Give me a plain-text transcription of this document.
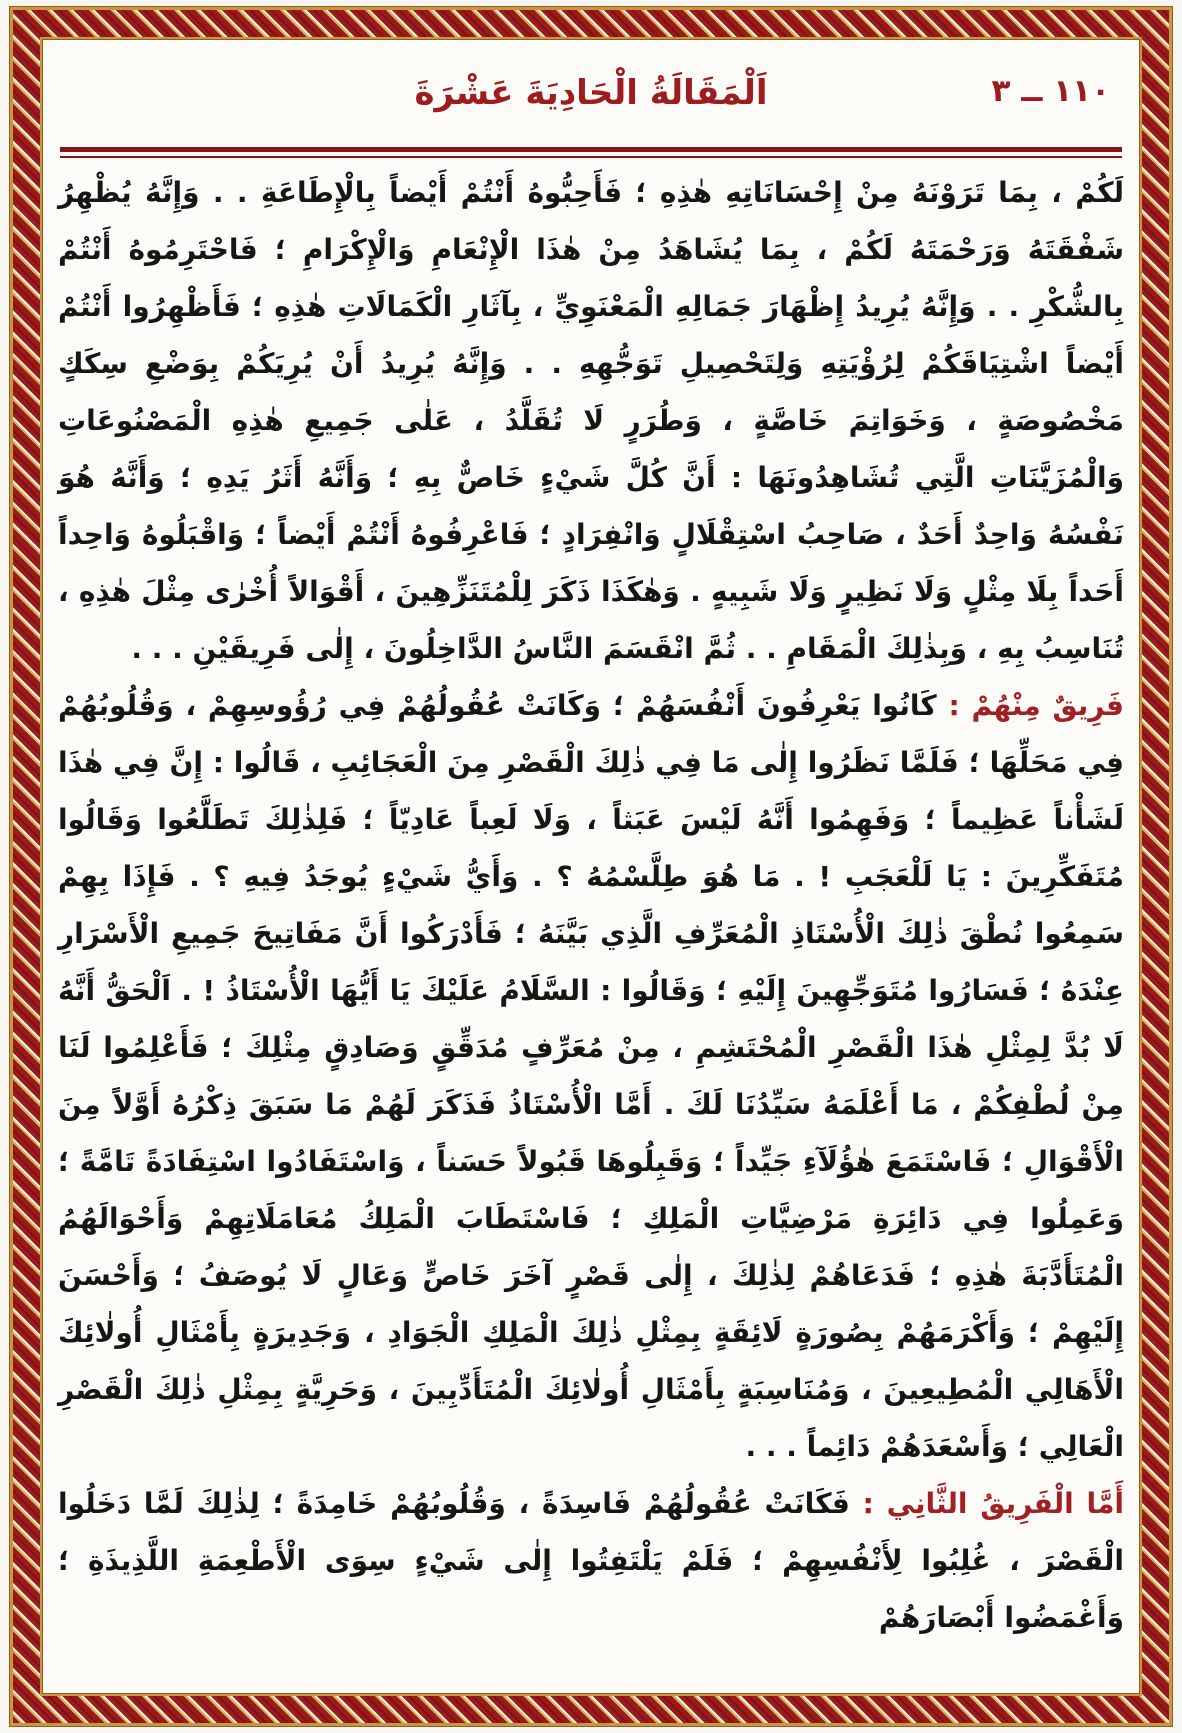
اَلْمَقَالَةُ الْحَادِيَةَ عَشْرَةَ	١١٠ ــ ٣

لَكُمْ ، بِمَا تَرَوْنَهُ مِنْ إِحْسَانَاتِهِ هٰذِهِ ؛ فَأَحِبُّوهُ أَنْتُمْ أَيْضاً بِالْإِطَاعَةِ . . وَإِنَّهُ يُظْهِرُ شَفْقَتَهُ وَرَحْمَتَهُ لَكُمْ ، بِمَا يُشَاهَدُ مِنْ هٰذَا الْإِنْعَامِ وَالْإِكْرَامِ ؛ فَاحْتَرِمُوهُ أَنْتُمْ بِالشُّكْرِ . . وَإِنَّهُ يُرِيدُ إِظْهَارَ جَمَالِهِ الْمَعْنَوِيِّ ، بِآثَارِ الْكَمَالَاتِ هٰذِهِ ؛ فَأَظْهِرُوا أَنْتُمْ أَيْضاً اشْتِيَاقَكُمْ لِرُؤْيَتِهِ وَلِتَحْصِيلِ تَوَجُّهِهِ . . وَإِنَّهُ يُرِيدُ أَنْ يُرِيَكُمْ بِوَضْعِ سِكَكٍ مَخْصُوصَةٍ ، وَخَوَاتِمَ خَاصَّةٍ ، وَطُرَرٍ لَا تُقَلَّدُ ، عَلٰى جَمِيعِ هٰذِهِ الْمَصْنُوعَاتِ وَالْمُزَيَّنَاتِ الَّتِي تُشَاهِدُونَهَا : أَنَّ كُلَّ شَيْءٍ خَاصٌّ بِهِ ؛ وَأَنَّهُ أَثَرُ يَدِهِ ؛ وَأَنَّهُ هُوَ نَفْسُهُ وَاحِدٌ أَحَدٌ ، صَاحِبُ اسْتِقْلَالٍ وَانْفِرَادٍ ؛ فَاعْرِفُوهُ أَنْتُمْ أَيْضاً ؛ وَاقْبَلُوهُ وَاحِداً أَحَداً بِلَا مِثْلٍ وَلَا نَظِيرٍ وَلَا شَبِيهٍ . وَهٰكَذَا ذَكَرَ لِلْمُتَنَزِّهِينَ ، أَقْوَالاً أُخْرٰى مِثْلَ هٰذِهِ ، تُنَاسِبُ بِهِ ، وَبِذٰلِكَ الْمَقَامِ . . ثُمَّ انْقَسَمَ النَّاسُ الدَّاخِلُونَ ، إِلٰى فَرِيقَيْنِ . . .

فَرِيقٌ مِنْهُمْ : كَانُوا يَعْرِفُونَ أَنْفُسَهُمْ ؛ وَكَانَتْ عُقُولُهُمْ فِي رُؤُوسِهِمْ ، وَقُلُوبُهُمْ فِي مَحَلِّهَا ؛ فَلَمَّا نَظَرُوا إِلٰى مَا فِي ذٰلِكَ الْقَصْرِ مِنَ الْعَجَائِبِ ، قَالُوا : إِنَّ فِي هٰذَا لَشَأْناً عَظِيماً ؛ وَفَهِمُوا أَنَّهُ لَيْسَ عَبَثاً ، وَلَا لَعِباً عَادِيّاً ؛ فَلِذٰلِكَ تَطَلَّعُوا وَقَالُوا مُتَفَكِّرِينَ : يَا لَلْعَجَبِ ! . مَا هُوَ طِلَّسْمُهُ ؟ . وَأَيُّ شَيْءٍ يُوجَدُ فِيهِ ؟ . فَإِذَا بِهِمْ سَمِعُوا نُطْقَ ذٰلِكَ الْأُسْتَاذِ الْمُعَرِّفِ الَّذِي بَيَّنَهُ ؛ فَأَدْرَكُوا أَنَّ مَفَاتِيحَ جَمِيعِ الْأَسْرَارِ عِنْدَهُ ؛ فَسَارُوا مُتَوَجِّهِينَ إِلَيْهِ ؛ وَقَالُوا : السَّلَامُ عَلَيْكَ يَا أَيُّهَا الْأُسْتَاذُ ! . اَلْحَقُّ أَنَّهُ لَا بُدَّ لِمِثْلِ هٰذَا الْقَصْرِ الْمُحْتَشِمِ ، مِنْ مُعَرِّفٍ مُدَقِّقٍ وَصَادِقٍ مِثْلِكَ ؛ فَأَعْلِمُوا لَنَا مِنْ لُطْفِكُمْ ، مَا أَعْلَمَهُ سَيِّدُنَا لَكَ . أَمَّا الْأُسْتَاذُ فَذَكَرَ لَهُمْ مَا سَبَقَ ذِكْرُهُ أَوَّلاً مِنَ الْأَقْوَالِ ؛ فَاسْتَمَعَ هٰؤُلَآءِ جَيِّداً ؛ وَقَبِلُوهَا قَبُولاً حَسَناً ، وَاسْتَفَادُوا اسْتِفَادَةً تَامَّةً ؛ وَعَمِلُوا فِي دَائِرَةِ مَرْضِيَّاتِ الْمَلِكِ ؛ فَاسْتَطَابَ الْمَلِكُ مُعَامَلَاتِهِمْ وَأَحْوَالَهُمُ الْمُتَأَدَّبَةَ هٰذِهِ ؛ فَدَعَاهُمْ لِذٰلِكَ ، إِلٰى قَصْرٍ آخَرَ خَاصٍّ وَعَالٍ لَا يُوصَفُ ؛ وَأَحْسَنَ إِلَيْهِمْ ؛ وَأَكْرَمَهُمْ بِصُورَةٍ لَائِقَةٍ بِمِثْلِ ذٰلِكَ الْمَلِكِ الْجَوَادِ ، وَجَدِيرَةٍ بِأَمْثَالِ أُولٰائِكَ الْأَهَالِي الْمُطِيعِينَ ، وَمُنَاسِبَةٍ بِأَمْثَالِ أُولٰائِكَ الْمُتَأَدِّبِينَ ، وَحَرِيَّةٍ بِمِثْلِ ذٰلِكَ الْقَصْرِ الْعَالِي ؛ وَأَسْعَدَهُمْ دَائِماً . . .

أَمَّا الْفَرِيقُ الثَّانِي : فَكَانَتْ عُقُولُهُمْ فَاسِدَةً ، وَقُلُوبُهُمْ خَامِدَةً ؛ لِذٰلِكَ لَمَّا دَخَلُوا الْقَصْرَ ، غُلِبُوا لِأَنْفُسِهِمْ ؛ فَلَمْ يَلْتَفِتُوا إِلٰى شَيْءٍ سِوَى الْأَطْعِمَةِ اللَّذِيذَةِ ؛ وَأَغْمَضُوا أَبْصَارَهُمْ
